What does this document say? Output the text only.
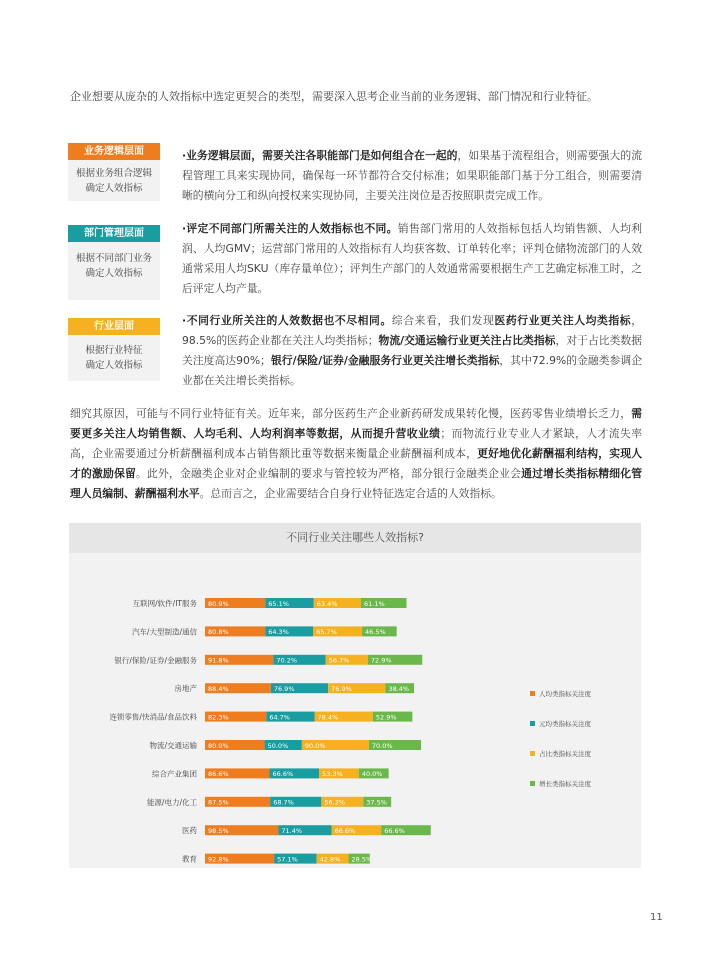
企业想要从庞杂的人效指标中选定更契合的类型，需要深入思考企业当前的业务逻辑、部门情况和行业特征。
业务逻辑层面
根据业务组合逻辑
确定人效指标
部门管理层面
根据不同部门业务
确定人效指标
行业层面
根据行业特征
确定人效指标
·业务逻辑层面，需要关注各职能部门是如何组合在一起的，如果基于流程组合，则需要强大的流程管理工具来实现协同，确保每一环节都符合交付标准；如果职能部门基于分工组合，则需要清晰的横向分工和纵向授权来实现协同，主要关注岗位是否按照职责完成工作。
·评定不同部门所需关注的人效指标也不同。销售部门常用的人效指标包括人均销售额、人均利润、人均GMV；运营部门常用的人效指标有人均获客数、订单转化率；评判仓储物流部门的人效通常采用人均SKU（库存量单位）；评判生产部门的人效通常需要根据生产工艺确定标准工时，之后评定人均产量。
·不同行业所关注的人效数据也不尽相同。综合来看，我们发现医药行业更关注人均类指标，98.5%的医药企业都在关注人均类指标；物流/交通运输行业更关注占比类指标，对于占比类数据关注度高达90%；银行/保险/证券/金融服务行业更关注增长类指标，其中72.9%的金融类参调企业都在关注增长类指标。
细究其原因，可能与不同行业特征有关。近年来，部分医药生产企业新药研发成果转化慢，医药零售业绩增长乏力，需要更多关注人均销售额、人均毛利、人均利润率等数据，从而提升营收业绩；而物流行业专业人才紧缺，人才流失率高，企业需要通过分析薪酬福利成本占销售额比重等数据来衡量企业薪酬福利成本，更好地优化薪酬福利结构，实现人才的激励保留。此外，金融类企业对企业编制的要求与管控较为严格，部分银行金融类企业会通过增长类指标精细化管理人员编制、薪酬福利水平。总而言之，企业需要结合自身行业特征选定合适的人效指标。
不同行业关注哪些人效指标?
互联网/软件/IT服务 80.9%	65.1%	63.4%	61.1%
汽车/大型制造/通信 80.8%	64.3%	65.7%	46.5%
银行/保险/证券/金融服务 91.8%	70.2%	56.7%	72.9%
房地产 88.4%	76.9%	76.9%	38.4%
连锁零售/快消品/食品饮料 82.3%	64.7%	78.4%	52.9%
物流/交通运输 80.0%	50.0%	90.0%	70.0%
综合产业集团 86.6%	66.6%	53.3%	40.0%
能源/电力/化工 87.5%	68.7%	56.2%	37.5%
医药 98.5%	71.4%	66.6%	66.6%
教育 92.8%	57.1%	42.8% 28.5%
人均类指标关注度
元均类指标关注度
占比类指标关注度
增长类指标关注度
11
